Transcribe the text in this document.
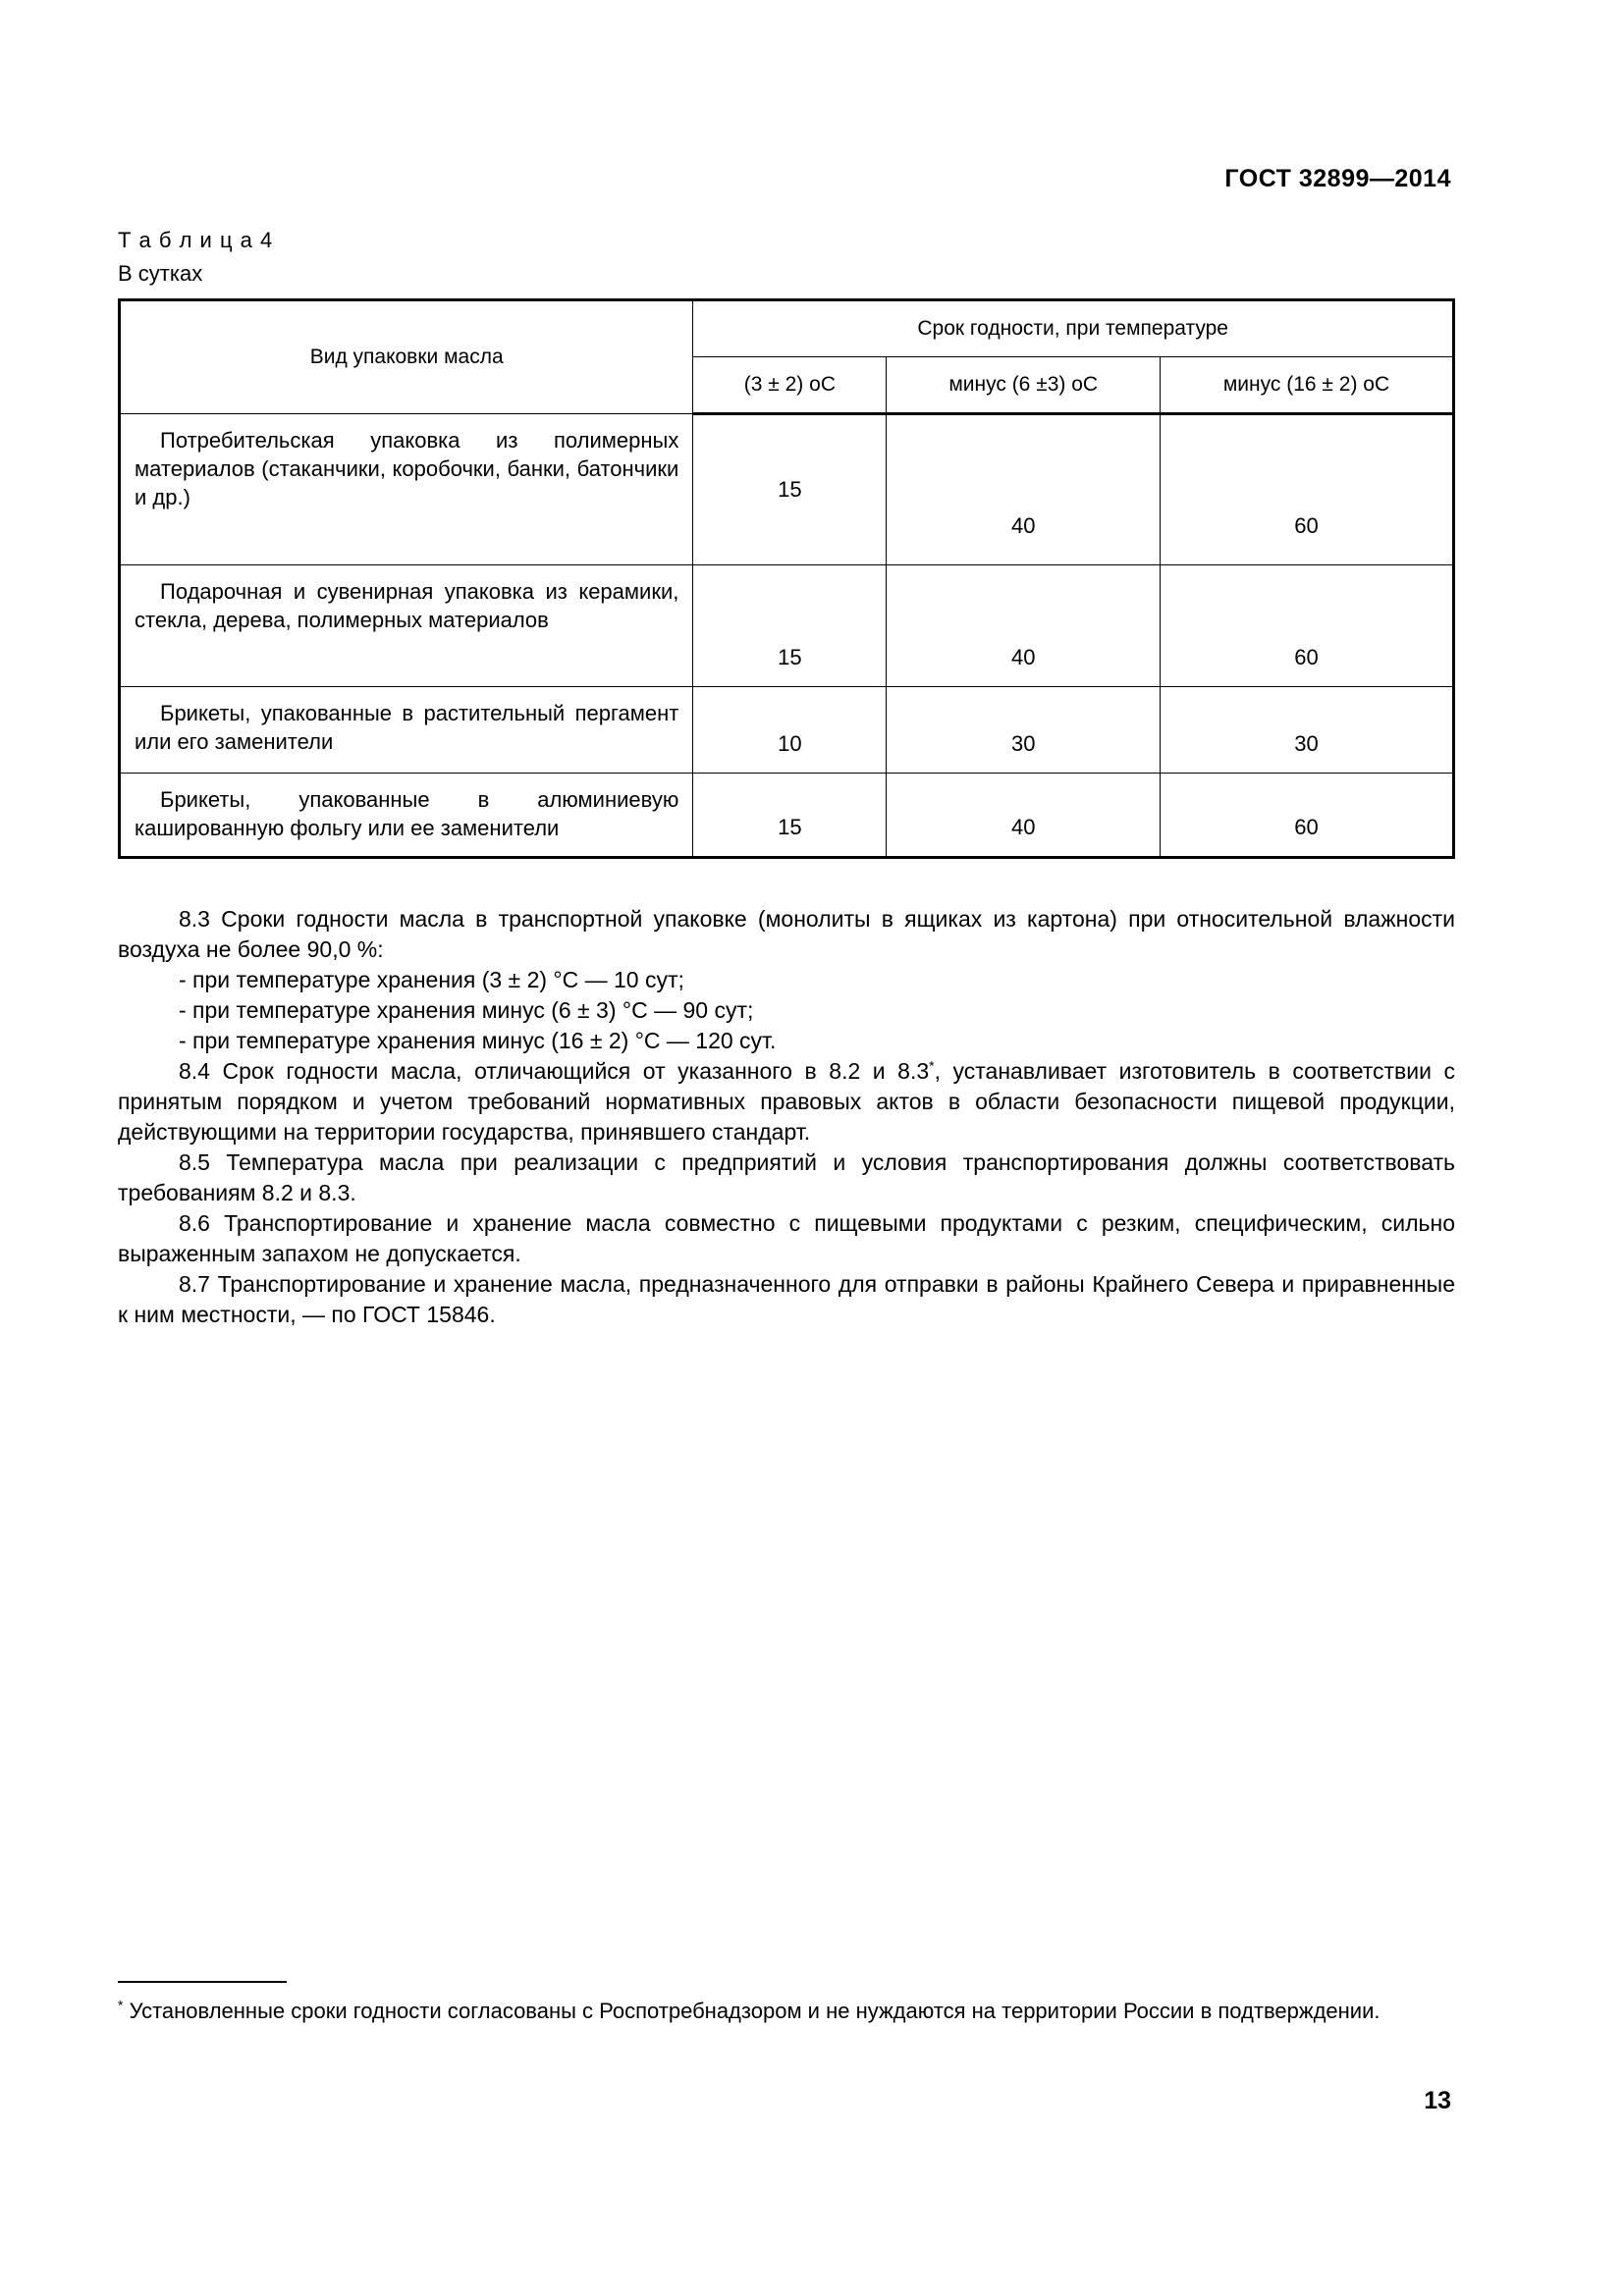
ГОСТ 32899—2014
Т а б л и ц а 4
В сутках
Вид упаковки масла	Срок годности, при температуре		
	(3 ± 2) оС	минус (6 ±3) оС	минус (16 ± 2) оС

Потребительская упаковка из полимерных материалов (стаканчики, коробочки, банки, батончики и др.)	15	40	60

Подарочная и сувенирная упаковка из керамики, стекла, дерева, полимерных материалов	15	40	60

Брикеты, упакованные в растительный пергамент или его заменители	10	30	30

Брикеты, упакованные в алюминиевую кашированную фольгу или ее заменители	15	40	60
8.3 Сроки годности масла в транспортной упаковке (монолиты в ящиках из картона) при относительной влажности воздуха не более 90,0 %:
- при температуре хранения (3 ± 2) °С — 10 сут;
- при температуре хранения минус (6 ± 3) °С — 90 сут;
- при температуре хранения минус (16 ± 2) °С — 120 сут.
8.4 Срок годности масла, отличающийся от указанного в 8.2 и 8.3*, устанавливает изготовитель в соответствии с принятым порядком и учетом требований нормативных правовых актов в области безопасности пищевой продукции, действующими на территории государства, принявшего стандарт.
8.5 Температура масла при реализации с предприятий и условия транспортирования должны соответствовать требованиям 8.2 и 8.3.
8.6 Транспортирование и хранение масла совместно с пищевыми продуктами с резким, специфическим, сильно выраженным запахом не допускается.
8.7 Транспортирование и хранение масла, предназначенного для отправки в районы Крайнего Севера и приравненные к ним местности, — по ГОСТ 15846.
* Установленные сроки годности согласованы с Роспотребнадзором и не нуждаются на территории России в подтверждении.
13
